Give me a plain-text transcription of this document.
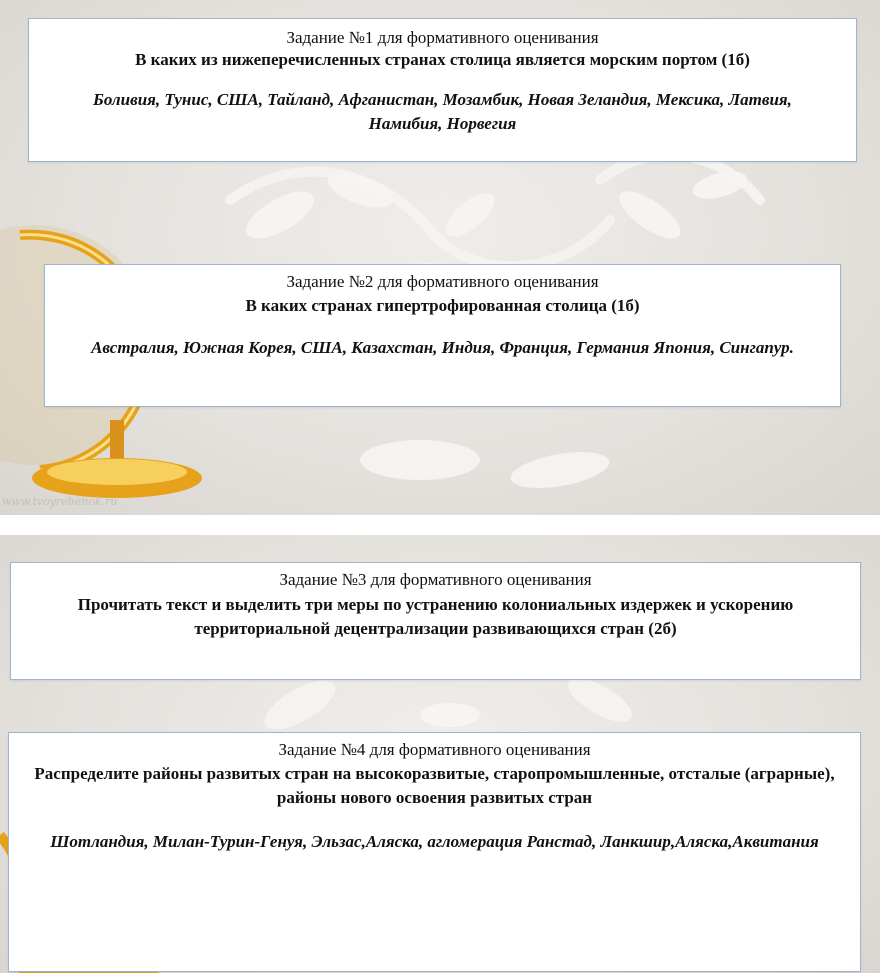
Задание №1 для формативного оценивания
В каких из нижеперечисленных странах столица является морским портом (1б)
Боливия, Тунис, США, Тайланд, Афганистан, Мозамбик, Новая Зеландия, Мексика, Латвия, Намибия, Норвегия
Задание №2 для формативного оценивания
В каких странах гипертрофированная столица (1б)
Австралия, Южная Корея, США, Казахстан, Индия, Франция, Германия Япония, Сингапур.
www.tvoyrebenok.ru
Задание №3 для формативного оценивания
Прочитать текст и выделить три меры по устранению колониальных издержек и ускорению территориальной децентрализации развивающихся стран (2б)
Задание №4 для формативного оценивания
Распределите районы развитых стран на высокоразвитые, старопромышленные, отсталые (аграрные), районы нового освоения развитых стран
Шотландия, Милан-Турин-Генуя, Эльзас,Аляска, агломерация Ранстад, Ланкшир,Аляска,Аквитания
